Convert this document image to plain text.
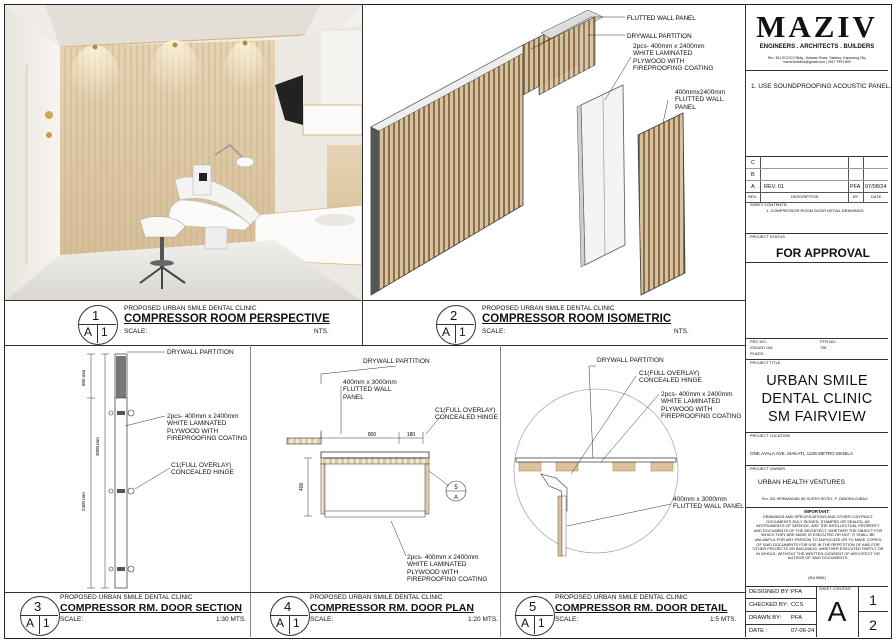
FLUTTED WALL PANEL
DRYWALL PARTITION
2pcs- 400mm x 2400mm
WHITE LAMINATED
PLYWOOD WITH
FIREPROOFING COATING
400mmx2400mm
FLUTTED WALL
PANEL
1
A 1
PROPOSED URBAN SMILE DENTAL CLINIC
COMPRESSOR ROOM PERSPECTIVE
SCALE:	NTS.
2
A 1
PROPOSED URBAN SMILE DENTAL CLINIC
COMPRESSOR ROOM ISOMETRIC
SCALE:	NTS.
600 mm
3000 mm
2400 mm
DRYWALL PARTITION
2pcs- 400mm x 2400mm
WHITE LAMINATED
PLYWOOD WITH
FIREPROOFING COATING
C1(FULL OVERLAY)
CONCEALED HINGE
800	180
400	5
A
DRYWALL PARTITION
400mm x 3000mm
FLUTTED WALL
PANEL
C1(FULL OVERLAY)
CONCEALED HINGE
2pcs- 400mm x 2400mm
WHITE LAMINATED
PLYWOOD WITH
FIREPROOFING COATING
DRYWALL PARTITION
C1(FULL OVERLAY)
CONCEALED HINGE
2pcs- 400mm x 2400mm
WHITE LAMINATED
PLYWOOD WITH
FIREPROOFING COATING
400mm x 3000mm
FLUTTED WALL PANEL
3
A 1
PROPOSED URBAN SMILE DENTAL CLINIC
COMPRESSOR RM. DOOR SECTION
SCALE:	1:30 MTS.
4
A 1
PROPOSED URBAN SMILE DENTAL CLINIC
COMPRESSOR RM. DOOR PLAN
SCALE:	1:20 MTS.
5
A 1
PROPOSED URBAN SMILE DENTAL CLINIC
COMPRESSOR RM. DOOR DETAIL
SCALE:	1:5 MTS.
MAZIV
ENGINEERS . ARCHITECTS . BUILDERS
Rm. 301 ECOCO Bldg., Kanaan Road, Sabiero, Kamuning City
maziv.builders@gmail.com | 0917 PPH 809
1. USE SOUNDPROOFING ACOUSTIC PANEL.
C
B
A REV. 01	PFA 07/08/24
REV.	DESCRIPTION	BY	DATE
SHEET CONTENTS:
1. COMPRESSOR ROOM DOOR DETAIL DRAWINGS
PROJECT STATUS
FOR APPROVAL
PRC NO.:	PTR NO.:
ISSUED ON:	TIN
PLACE:
PROJECT TITLE
URBAN SMILE
DENTAL CLINIC
SM FAIRVIEW
PROJECT LOCATION
ONE AYALA AVE. MAKATI, 1226 METRO MANILA
PROJECT OWNER
URBAN HEALTH VENTURES
Rm. 301 HERMANDAD DE SUITES HOTEL, P. ZAMORA CUBAO
IMPORTANT:
DRAWINGS AND SPECIFICATIONS AND OTHER CONTRACT DOCUMENTS DULY SIGNED, STAMPED OR SEALED, AS INSTRUMENTS OF SERVICE, ARE THE INTELLECTUAL PROPERTY AND DOCUMENTS OF THE ARCHITECT, WHETHER THE OBJECT FOR WHICH THEY ARE MADE IS EXECUTED OR NOT. IT SHALL BE UNLAWFUL FOR ANY PERSON TO DUPLICATE OR TO MAKE COPIES OF SAID DOCUMENTS FOR USE IN THE REPETITION OF AND FOR OTHER PROJECTS OR BUILDINGS, WHETHER EXECUTED PARTLY OR IN WHOLE, WITHOUT THE WRITTEN CONSENT OF ARCHITECT OR AUTHOR OF SAID DOCUMENTS.
(RA 9266)
DESIGNED BY: PFA
CHECKED BY: CCS
DRAWN BY: PFA
DATE :	07-06-24
SHEET CONTENT:
A	1
2
